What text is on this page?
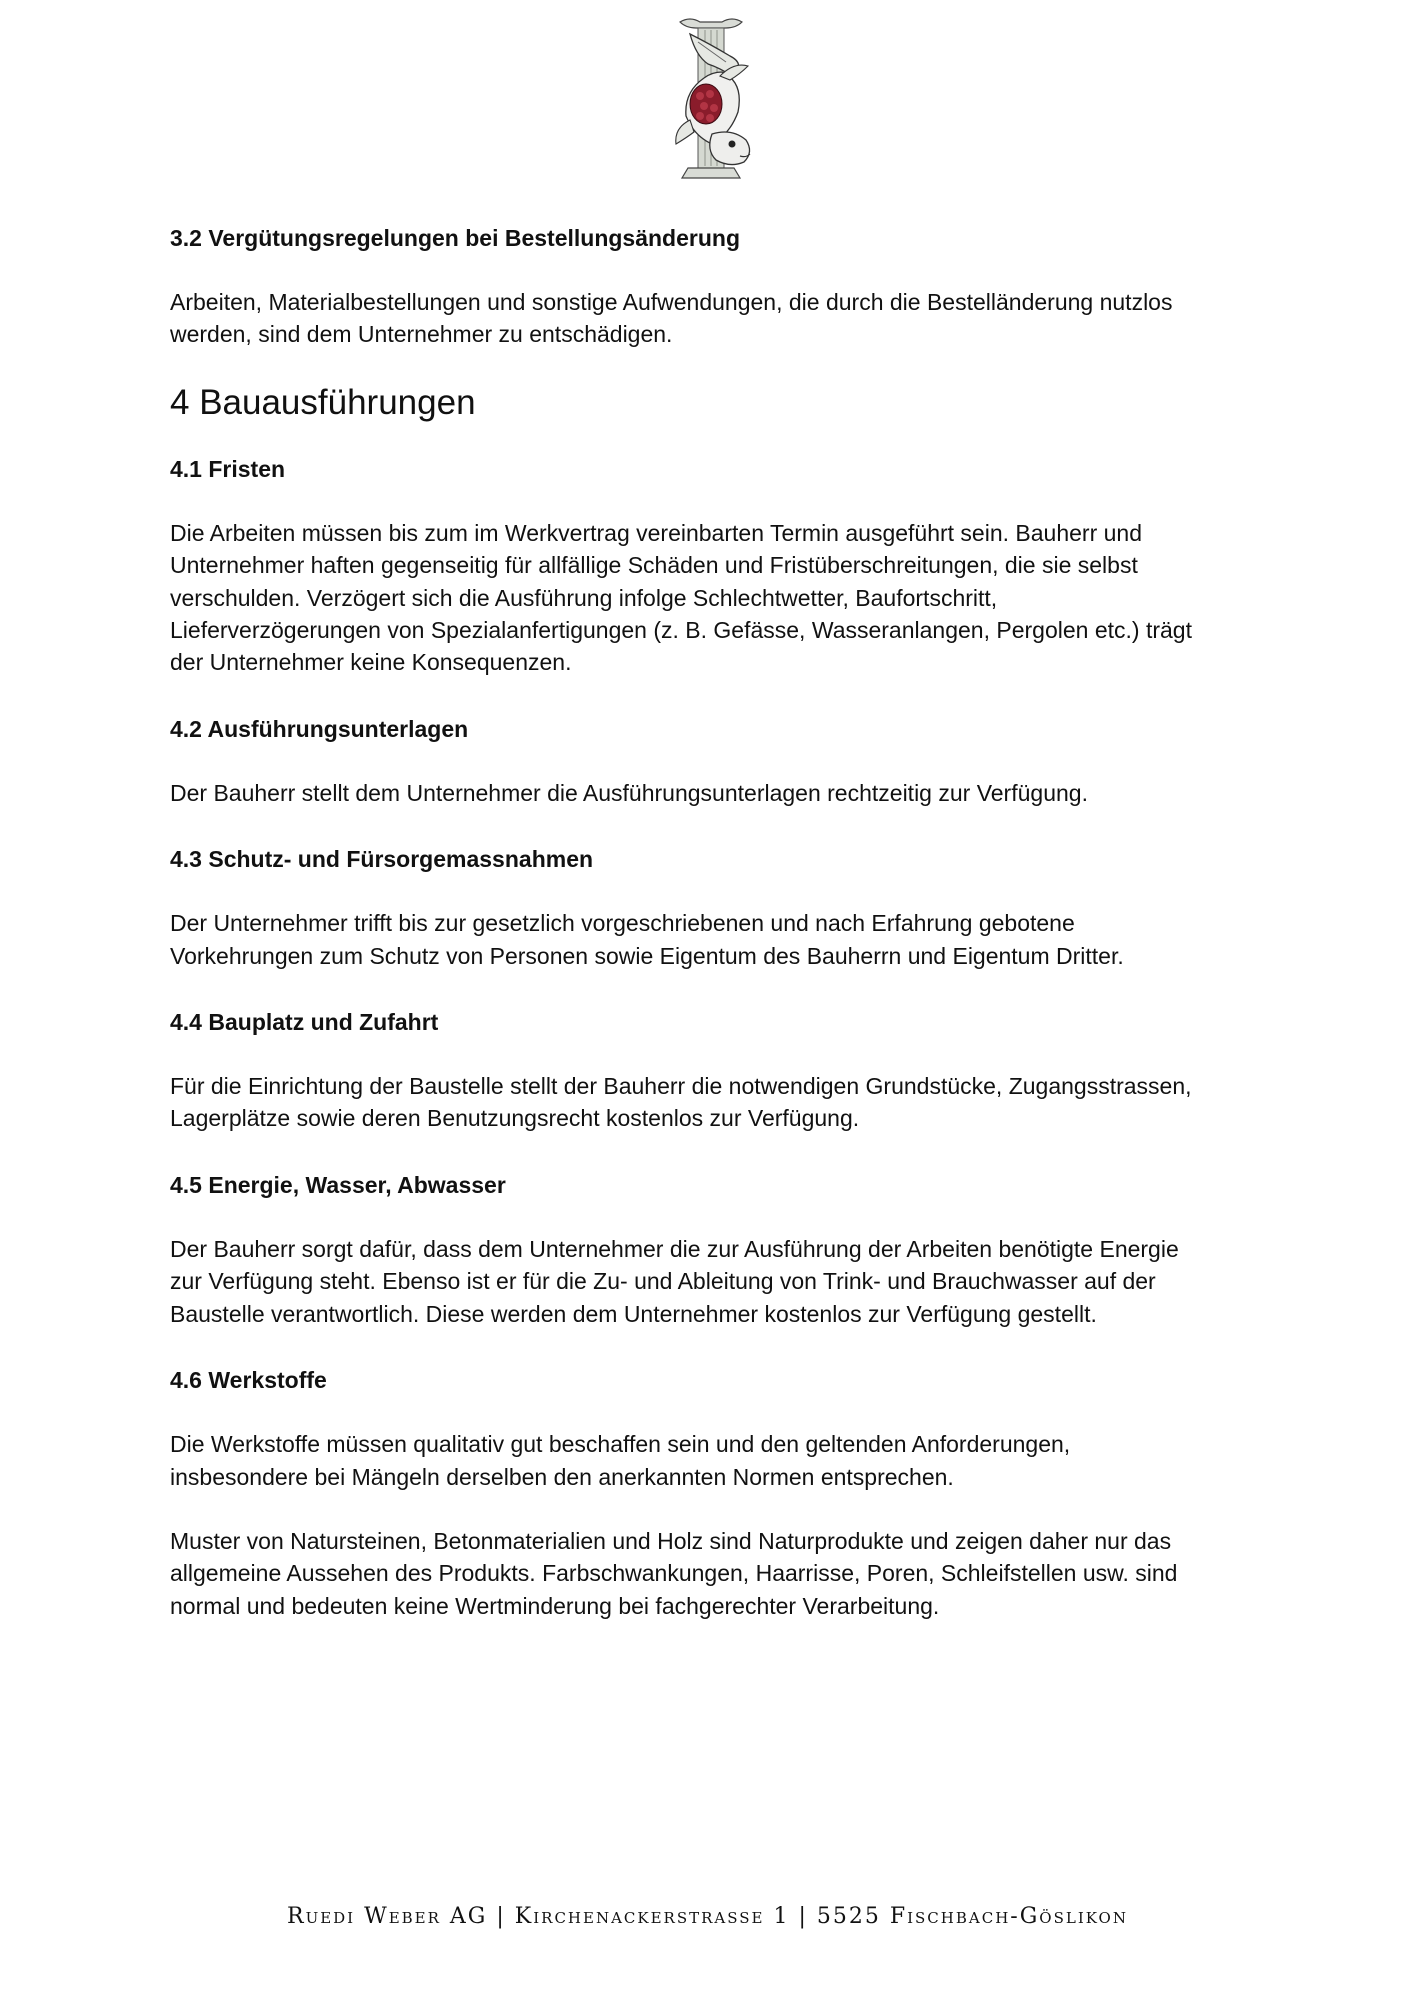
3.2 Vergütungsregelungen bei Bestellungsänderung
Arbeiten, Materialbestellungen und sonstige Aufwendungen, die durch die Bestelländerung nutzlos
werden, sind dem Unternehmer zu entschädigen.
4 Bauausführungen
4.1 Fristen
Die Arbeiten müssen bis zum im Werkvertrag vereinbarten Termin ausgeführt sein. Bauherr und
Unternehmer haften gegenseitig für allfällige Schäden und Fristüberschreitungen, die sie selbst
verschulden. Verzögert sich die Ausführung infolge Schlechtwetter, Baufortschritt,
Lieferverzögerungen von Spezialanfertigungen (z. B. Gefässe, Wasseranlangen, Pergolen etc.) trägt
der Unternehmer keine Konsequenzen.
4.2 Ausführungsunterlagen
Der Bauherr stellt dem Unternehmer die Ausführungsunterlagen rechtzeitig zur Verfügung.
4.3 Schutz- und Fürsorgemassnahmen
Der Unternehmer trifft bis zur gesetzlich vorgeschriebenen und nach Erfahrung gebotene
Vorkehrungen zum Schutz von Personen sowie Eigentum des Bauherrn und Eigentum Dritter.
4.4 Bauplatz und Zufahrt
Für die Einrichtung der Baustelle stellt der Bauherr die notwendigen Grundstücke, Zugangsstrassen,
Lagerplätze sowie deren Benutzungsrecht kostenlos zur Verfügung.
4.5 Energie, Wasser, Abwasser
Der Bauherr sorgt dafür, dass dem Unternehmer die zur Ausführung der Arbeiten benötigte Energie
zur Verfügung steht. Ebenso ist er für die Zu- und Ableitung von Trink- und Brauchwasser auf der
Baustelle verantwortlich. Diese werden dem Unternehmer kostenlos zur Verfügung gestellt.
4.6 Werkstoffe
Die Werkstoffe müssen qualitativ gut beschaffen sein und den geltenden Anforderungen,
insbesondere bei Mängeln derselben den anerkannten Normen entsprechen.
Muster von Natursteinen, Betonmaterialien und Holz sind Naturprodukte und zeigen daher nur das
allgemeine Aussehen des Produkts. Farbschwankungen, Haarrisse, Poren, Schleifstellen usw. sind
normal und bedeuten keine Wertminderung bei fachgerechter Verarbeitung.
Ruedi Weber AG | Kirchenackerstrasse 1 | 5525 Fischbach-Göslikon
